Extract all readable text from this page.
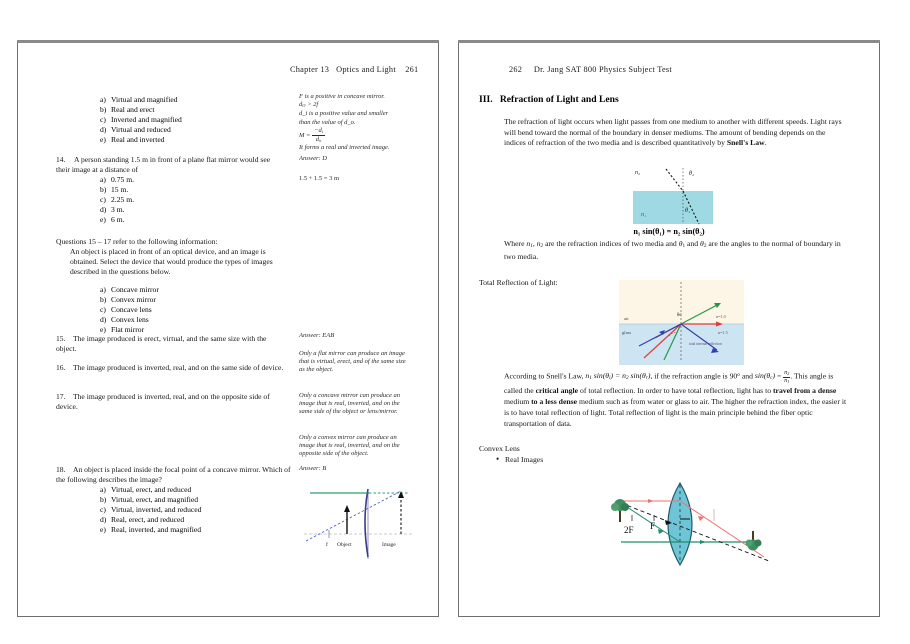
Chapter 13 Optics and Light 261
a) Virtual and magnified
b) Real and erect
c) Inverted and magnified
d) Virtual and reduced
e) Real and inverted
F is a positive in concave mirror.
$d_O > 2f$
d_i is a positive value and smaller
than the value of d_o.
$M = \frac{-d_i}{d_o}$
It forms a real and inverted image.
14.	A person standing 1.5 m in front of a plane flat mirror would see their image at a distance of
a) 0.75 m.
b) 15 m.
c) 2.25 m.
d) 3 m.
e) 6 m.
Answer: D
1.5 + 1.5 = 3 m
Questions 15 – 17 refer to the following information:
An object is placed in front of an optical device, and an image is obtained. Select the device that would produce the types of images described in the questions below.
a) Concave mirror
b) Convex mirror
c) Concave lens
d) Convex lens
e) Flat mirror
15. The image produced is erect, virtual, and the same size with the object.
16. The image produced is inverted, real, and on the same side of device.
17. The image produced is inverted, real, and on the opposite side of device.
Answer: EAB
Only a flat mirror can produce an image that is virtual, erect, and of the same size as the object.
Only a concave mirror can produce an image that is real, inverted, and on the same side of the object or lens/mirror.
Only a convex mirror can produce an image that is real, inverted, and on the opposite side of the object.
18. An object is placed inside the focal point of a concave mirror. Which of the following describes the image?
a) Virtual, erect, and reduced
b) Virtual, erect, and magnified
c) Virtual, inverted, and reduced
d) Real, erect, and reduced
e) Real, inverted, and magnified
Answer: B
f Object	Image
262 Dr. Jang SAT 800 Physics Subject Test
III. Refraction of Light and Lens
The refraction of light occurs when light passes from one medium to another with different speeds. Light rays will bend toward the normal of the boundary in denser mediums. The amount of bending depends on the indices of refraction of the two media and is described quantitatively by Snell's Law.
n₂	θ₂
n₁
θ₁
n₁ sin(θ₁) = n₂ sin(θ₂)
Where $n_1$, $n_2$ are the refraction indices of two media and $\theta_1$ and $\theta_2$ are the angles to the normal of boundary in two media.
Total Reflection of Light:
θc
air
glass
n=1.0
n=1.5
total internal reflection
According to Snell's Law, $n_1$ $\sin(\theta_i) = n_2$ $\sin(\theta_r)$, if the refraction angle is 90$^o$ and $\sin(\theta_c) = \frac{n_2}{n_1}$ . This angle is called the critical angle of total reflection. In order to have total reflection, light has to travel from a dense medium to a less dense medium such as from water or glass to air. The higher the refraction index, the easier it is to have total reflection of light. Total reflection of light is the main principle behind the fiber optic transportation of data.
Convex Lens
• Real Images
2F F
